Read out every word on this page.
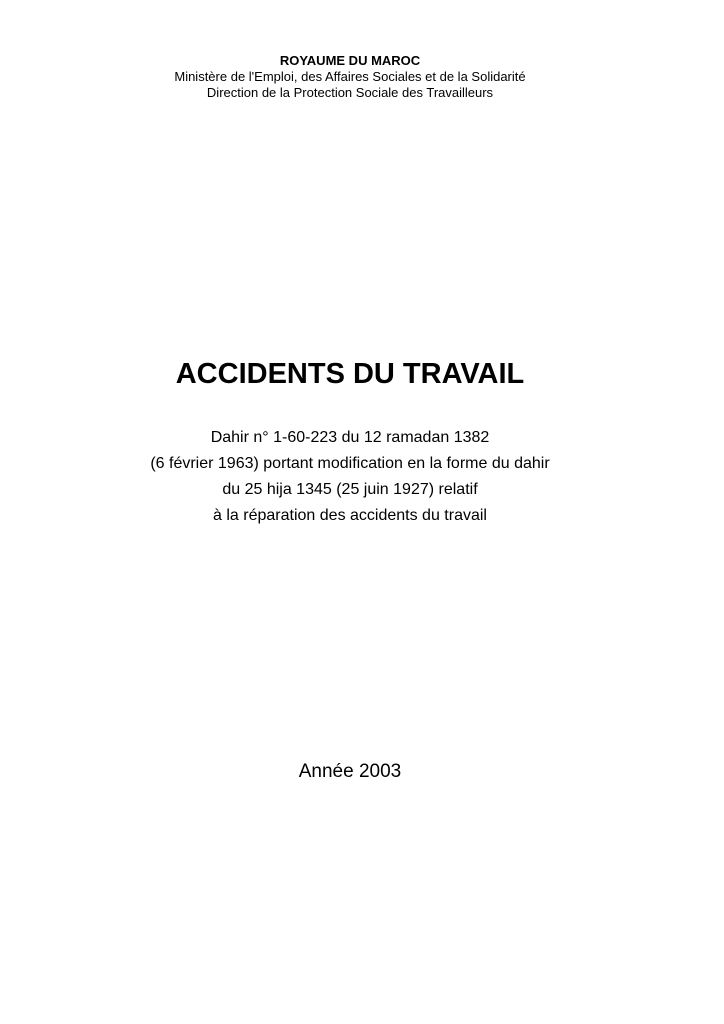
ROYAUME DU MAROC
Ministère de l'Emploi, des Affaires Sociales et de la Solidarité
Direction de la Protection Sociale des Travailleurs
ACCIDENTS DU TRAVAIL
Dahir n° 1-60-223 du 12 ramadan 1382
(6 février 1963) portant modification en la forme du dahir
du 25 hija 1345 (25 juin 1927) relatif
à la réparation des accidents du travail
Année 2003
